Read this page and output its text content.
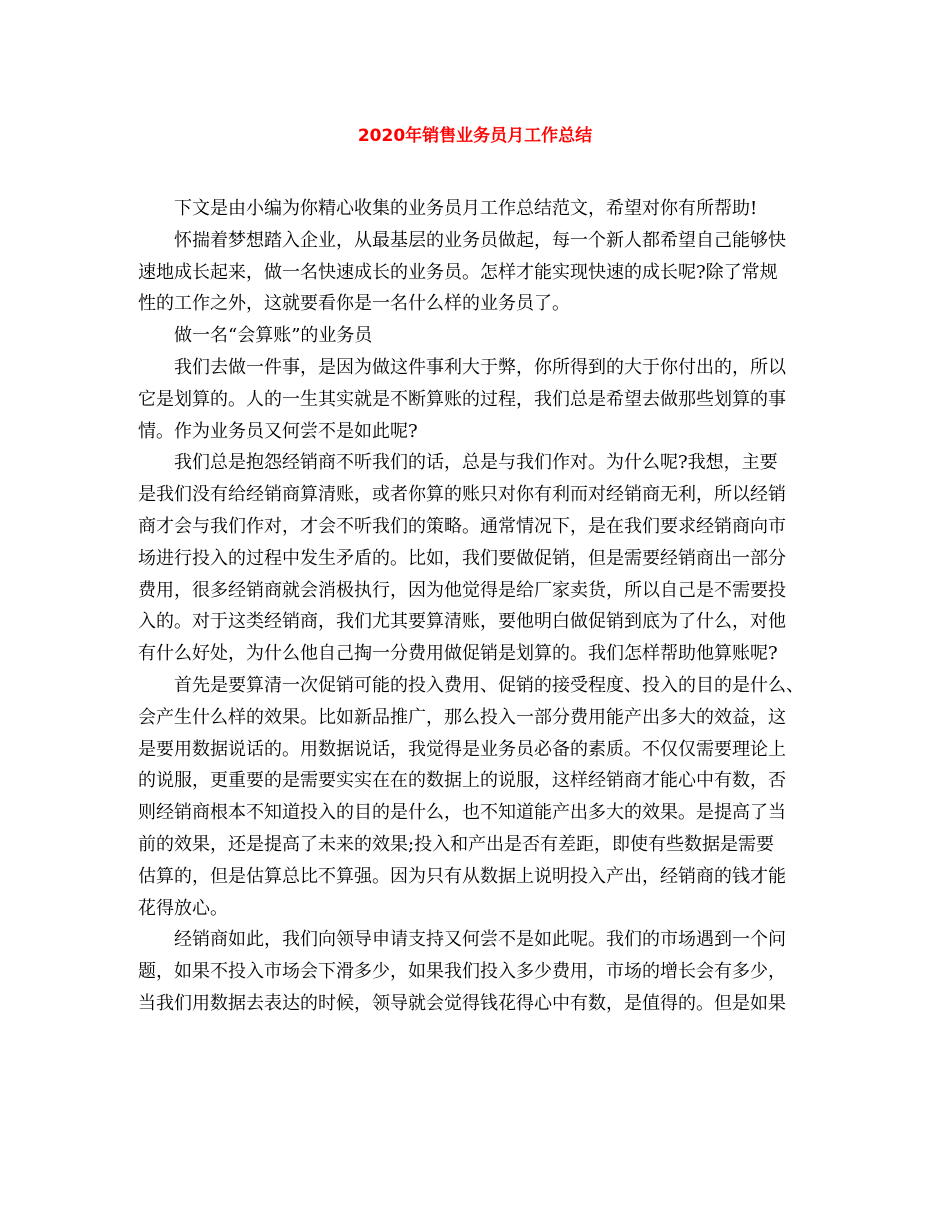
2020年销售业务员月工作总结
下文是由小编为你精心收集的业务员月工作总结范文，希望对你有所帮助!
怀揣着梦想踏入企业，从最基层的业务员做起，每一个新人都希望自己能够快
速地成长起来，做一名快速成长的业务员。怎样才能实现快速的成长呢?除了常规
性的工作之外，这就要看你是一名什么样的业务员了。
做一名“会算账”的业务员
我们去做一件事，是因为做这件事利大于弊，你所得到的大于你付出的，所以
它是划算的。人的一生其实就是不断算账的过程，我们总是希望去做那些划算的事
情。作为业务员又何尝不是如此呢?
我们总是抱怨经销商不听我们的话，总是与我们作对。为什么呢?我想，主要
是我们没有给经销商算清账，或者你算的账只对你有利而对经销商无利，所以经销
商才会与我们作对，才会不听我们的策略。通常情况下，是在我们要求经销商向市
场进行投入的过程中发生矛盾的。比如，我们要做促销，但是需要经销商出一部分
费用，很多经销商就会消极执行，因为他觉得是给厂家卖货，所以自己是不需要投
入的。对于这类经销商，我们尤其要算清账，要他明白做促销到底为了什么，对他
有什么好处，为什么他自己掏一分费用做促销是划算的。我们怎样帮助他算账呢?
首先是要算清一次促销可能的投入费用、促销的接受程度、投入的目的是什么、
会产生什么样的效果。比如新品推广，那么投入一部分费用能产出多大的效益，这
是要用数据说话的。用数据说话，我觉得是业务员必备的素质。不仅仅需要理论上
的说服，更重要的是需要实实在在的数据上的说服，这样经销商才能心中有数，否
则经销商根本不知道投入的目的是什么，也不知道能产出多大的效果。是提高了当
前的效果，还是提高了未来的效果;投入和产出是否有差距，即使有些数据是需要
估算的，但是估算总比不算强。因为只有从数据上说明投入产出，经销商的钱才能
花得放心。
经销商如此，我们向领导申请支持又何尝不是如此呢。我们的市场遇到一个问
题，如果不投入市场会下滑多少，如果我们投入多少费用，市场的增长会有多少，
当我们用数据去表达的时候，领导就会觉得钱花得心中有数，是值得的。但是如果
